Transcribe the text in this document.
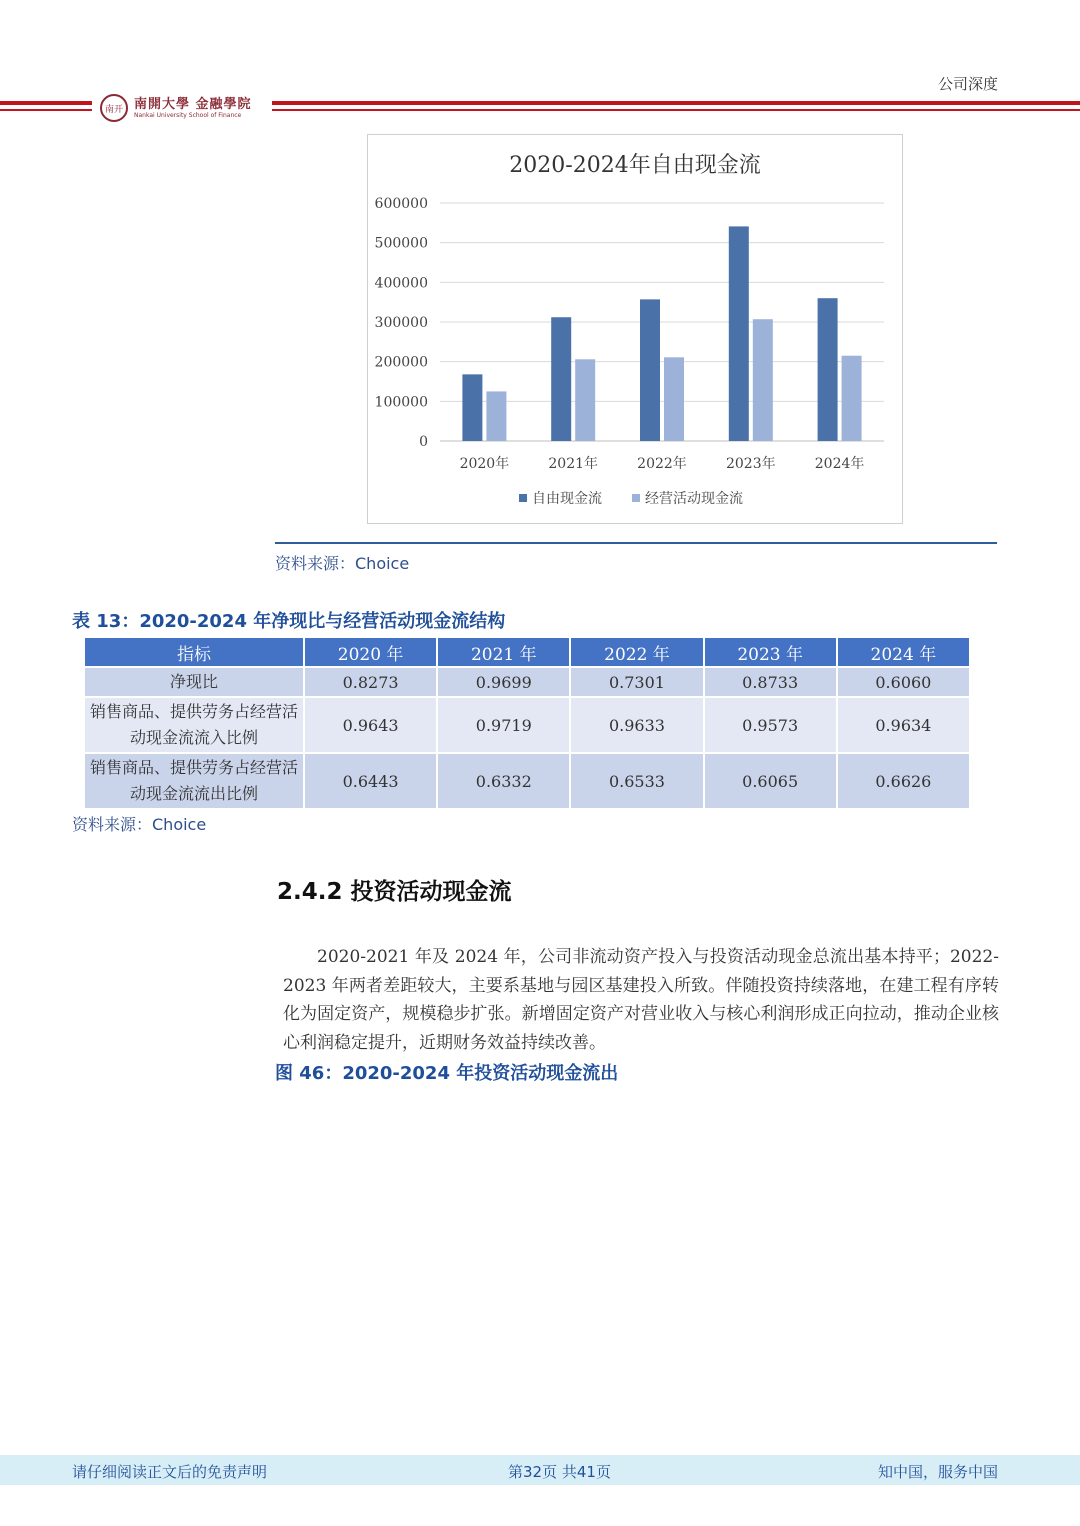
公司深度
南开 南開大學 金融學院
Nankai University School of Finance
2020-2024年自由现金流
0
100000
200000
300000
400000
500000
600000
2020年	2021年	2022年	2023年	2024年
自由现金流	经营活动现金流
资料来源：Choice
表 13：2020-2024 年净现比与经营活动现金流结构
指标	2020 年	2021 年	2022 年	2023 年	2024 年
净现比	0.8273	0.9699	0.7301	0.8733	0.6060
销售商品、提供劳务占经营活动现金流流入比例	0.9643	0.9719	0.9633	0.9573	0.9634
销售商品、提供劳务占经营活动现金流流出比例	0.6443	0.6332	0.6533	0.6065	0.6626
资料来源：Choice
2.4.2 投资活动现金流

2020-2021 年及 2024 年，公司非流动资产投入与投资活动现金总流出基本持平；2022-2023 年两者差距较大，主要系基地与园区基建投入所致。伴随投资持续落地，在建工程有序转化为固定资产，规模稳步扩张。新增固定资产对营业收入与核心利润形成正向拉动，推动企业核心利润稳定提升，近期财务效益持续改善。

图 46：2020-2024 年投资活动现金流出
请仔细阅读正文后的免责声明	第32页 共41页	知中国，服务中国
